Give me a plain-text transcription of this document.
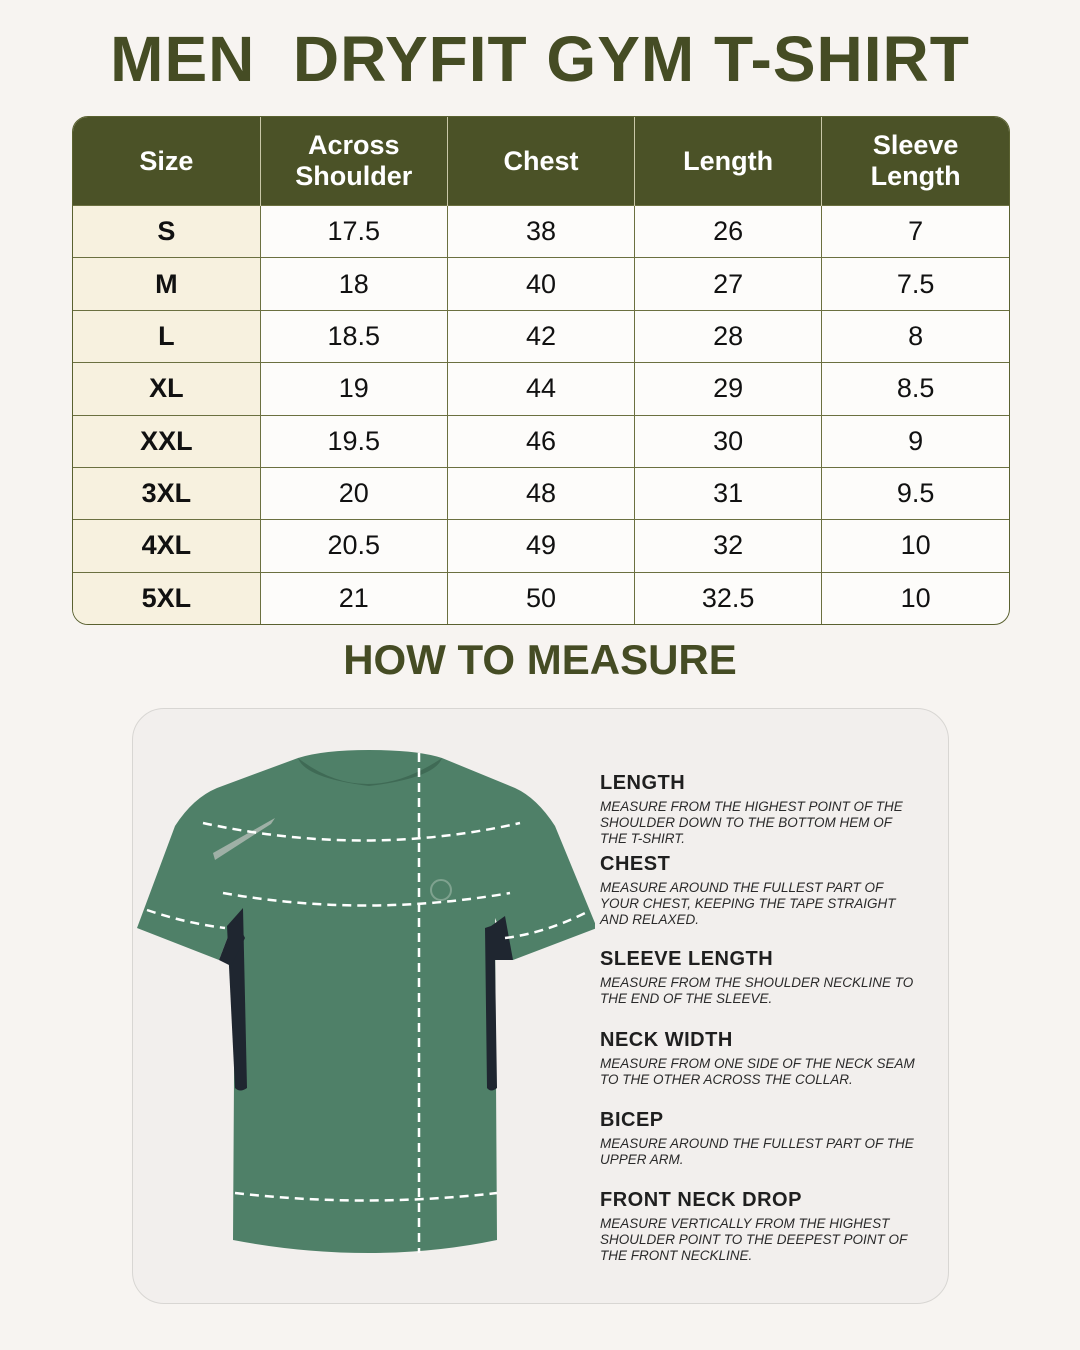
MEN  DRYFIT GYM T-SHIRT
Size	Across Shoulder	Chest	Length	Sleeve Length

S	17.5	38	26	7
M	18	40	27	7.5
L	18.5	42	28	8
XL	19	44	29	8.5
XXL	19.5	46	30	9
3XL	20	48	31	9.5
4XL	20.5	49	32	10
5XL	21	50	32.5	10
HOW TO MEASURE
LENGTH

MEASURE FROM THE HIGHEST POINT OF THE SHOULDER DOWN TO THE BOTTOM HEM OF THE T-SHIRT.

CHEST

MEASURE AROUND THE FULLEST PART OF YOUR CHEST, KEEPING THE TAPE STRAIGHT AND RELAXED.

SLEEVE LENGTH

MEASURE FROM THE SHOULDER NECKLINE TO THE END OF THE SLEEVE.

NECK WIDTH

MEASURE FROM ONE SIDE OF THE NECK SEAM TO THE OTHER ACROSS THE COLLAR.

BICEP

MEASURE AROUND THE FULLEST PART OF THE UPPER ARM.

FRONT NECK DROP

MEASURE VERTICALLY FROM THE HIGHEST SHOULDER POINT TO THE DEEPEST POINT OF THE FRONT NECKLINE.
